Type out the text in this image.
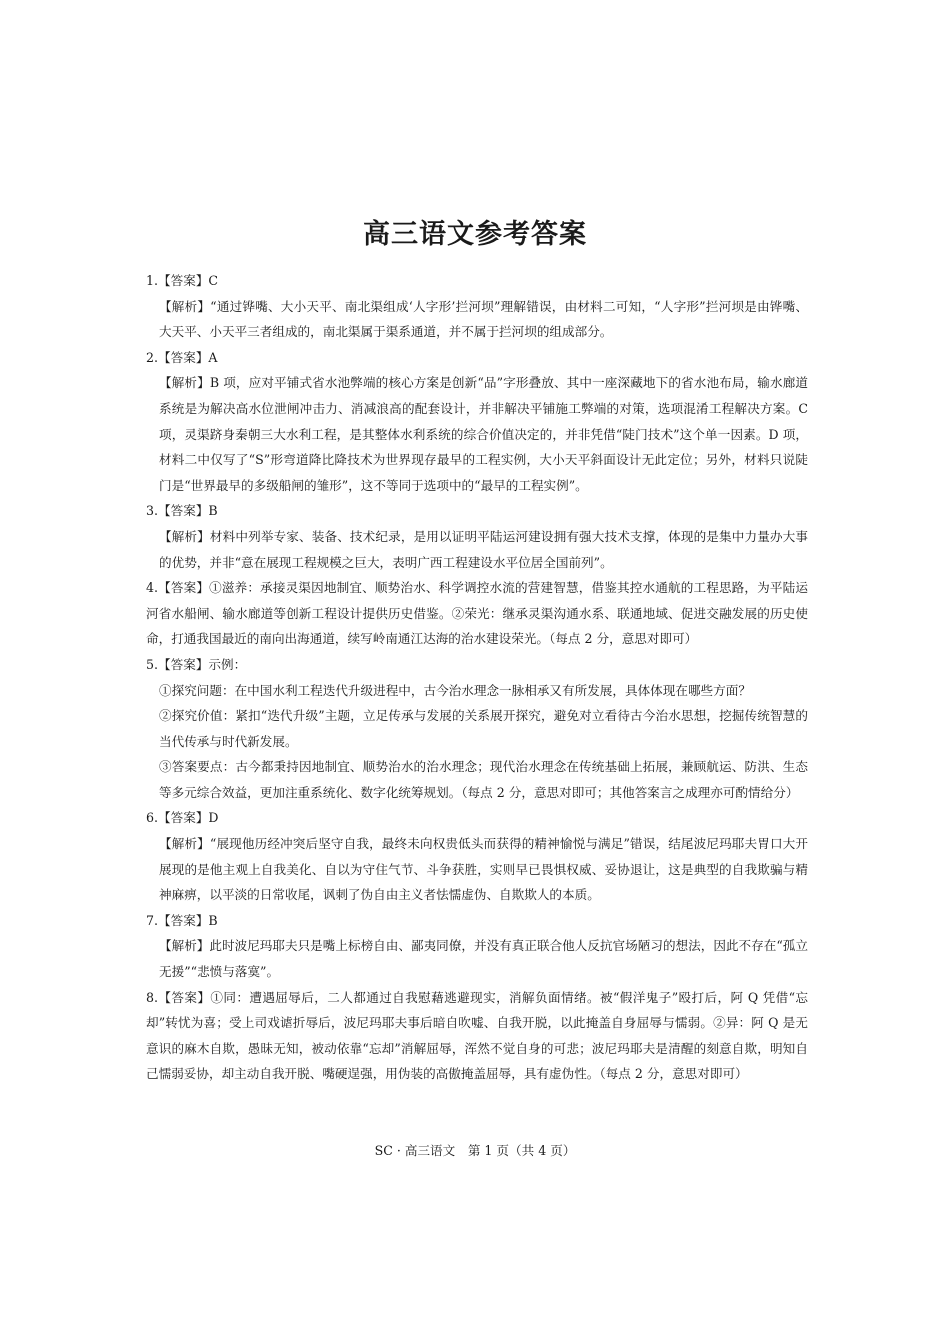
高三语文参考答案

1.【答案】C

【解析】“通过铧嘴、大小天平、南北渠组成‘人字形’拦河坝”理解错误，由材料二可知，“人字形”拦河坝是由铧嘴、大天平、小天平三者组成的，南北渠属于渠系通道，并不属于拦河坝的组成部分。

2.【答案】A

【解析】B 项，应对平铺式省水池弊端的核心方案是创新“品”字形叠放、其中一座深藏地下的省水池布局，输水廊道系统是为解决高水位泄闸冲击力、消减浪高的配套设计，并非解决平铺施工弊端的对策，选项混淆工程解决方案。C 项，灵渠跻身秦朝三大水利工程，是其整体水利系统的综合价值决定的，并非凭借“陡门技术”这个单一因素。D 项，材料二中仅写了“S”形弯道降比降技术为世界现存最早的工程实例，大小天平斜面设计无此定位；另外，材料只说陡门是“世界最早的多级船闸的雏形”，这不等同于选项中的“最早的工程实例”。

3.【答案】B

【解析】材料中列举专家、装备、技术纪录，是用以证明平陆运河建设拥有强大技术支撑，体现的是集中力量办大事的优势，并非“意在展现工程规模之巨大，表明广西工程建设水平位居全国前列”。

4.【答案】①滋养：承接灵渠因地制宜、顺势治水、科学调控水流的营建智慧，借鉴其控水通航的工程思路，为平陆运河省水船闸、输水廊道等创新工程设计提供历史借鉴。②荣光：继承灵渠沟通水系、联通地域、促进交融发展的历史使命，打通我国最近的南向出海通道，续写岭南通江达海的治水建设荣光。（每点 2 分，意思对即可）

5.【答案】示例：

①探究问题：在中国水利工程迭代升级进程中，古今治水理念一脉相承又有所发展，具体体现在哪些方面？

②探究价值：紧扣“迭代升级”主题，立足传承与发展的关系展开探究，避免对立看待古今治水思想，挖掘传统智慧的当代传承与时代新发展。

③答案要点：古今都秉持因地制宜、顺势治水的治水理念；现代治水理念在传统基础上拓展，兼顾航运、防洪、生态等多元综合效益，更加注重系统化、数字化统筹规划。（每点 2 分，意思对即可；其他答案言之成理亦可酌情给分）

6.【答案】D

【解析】“展现他历经冲突后坚守自我，最终未向权贵低头而获得的精神愉悦与满足”错误，结尾波尼玛耶夫胃口大开展现的是他主观上自我美化、自以为守住气节、斗争获胜，实则早已畏惧权威、妥协退让，这是典型的自我欺骗与精神麻痹，以平淡的日常收尾，讽刺了伪自由主义者怯懦虚伪、自欺欺人的本质。

7.【答案】B

【解析】此时波尼玛耶夫只是嘴上标榜自由、鄙夷同僚，并没有真正联合他人反抗官场陋习的想法，因此不存在“孤立无援”“悲愤与落寞”。

8.【答案】①同：遭遇屈辱后，二人都通过自我慰藉逃避现实，消解负面情绪。被“假洋鬼子”殴打后，阿 Q 凭借“忘却”转忧为喜；受上司戏谑折辱后，波尼玛耶夫事后暗自吹嘘、自我开脱，以此掩盖自身屈辱与懦弱。②异：阿 Q 是无意识的麻木自欺，愚昧无知，被动依靠“忘却”消解屈辱，浑然不觉自身的可悲；波尼玛耶夫是清醒的刻意自欺，明知自己懦弱妥协，却主动自我开脱、嘴硬逞强，用伪装的高傲掩盖屈辱，具有虚伪性。（每点 2 分，意思对即可）

SC · 高三语文　第 1 页（共 4 页）
